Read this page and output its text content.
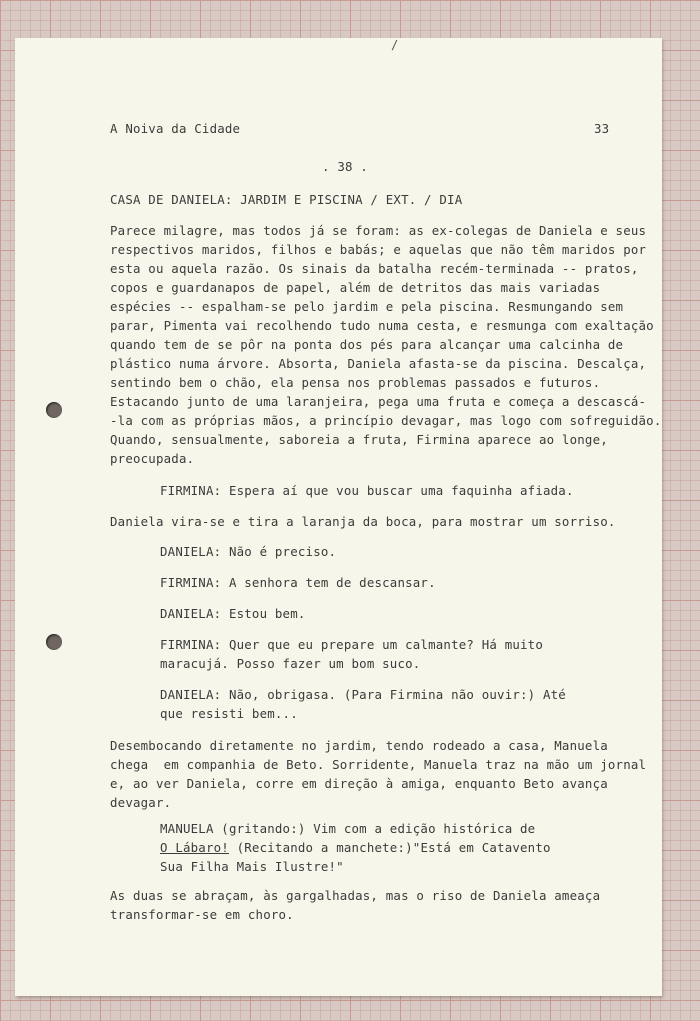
/
A Noiva da Cidade	33
. 38 .
CASA DE DANIELA: JARDIM E PISCINA / EXT. / DIA
Parece milagre, mas todos já se foram: as ex-colegas de Daniela e seus
respectivos maridos, filhos e babás; e aquelas que não têm maridos por
esta ou aquela razão. Os sinais da batalha recém-terminada -- pratos,
copos e guardanapos de papel, além de detritos das mais variadas
espécies -- espalham-se pelo jardim e pela piscina. Resmungando sem
parar, Pimenta vai recolhendo tudo numa cesta, e resmunga com exaltação
quando tem de se pôr na ponta dos pés para alcançar uma calcinha de
plástico numa árvore. Absorta, Daniela afasta-se da piscina. Descalça,
sentindo bem o chão, ela pensa nos problemas passados e futuros.
Estacando junto de uma laranjeira, pega uma fruta e começa a descascá-
-la com as próprias mãos, a princípio devagar, mas logo com sofreguidão.
Quando, sensualmente, saboreia a fruta, Firmina aparece ao longe,
preocupada.
FIRMINA: Espera aí que vou buscar uma faquinha afiada.
Daniela vira-se e tira a laranja da boca, para mostrar um sorriso.
DANIELA: Não é preciso.
FIRMINA: A senhora tem de descansar.
DANIELA: Estou bem.
FIRMINA: Quer que eu prepare um calmante? Há muito
maracujá. Posso fazer um bom suco.
DANIELA: Não, obrigasa. (Para Firmina não ouvir:) Até
que resisti bem...
Desembocando diretamente no jardim, tendo rodeado a casa, Manuela
chega  em companhia de Beto. Sorridente, Manuela traz na mão um jornal
e, ao ver Daniela, corre em direção à amiga, enquanto Beto avança
devagar.
MANUELA (gritando:) Vim com a edição histórica de
O Lábaro! (Recitando a manchete:)"Está em Catavento
Sua Filha Mais Ilustre!"
As duas se abraçam, às gargalhadas, mas o riso de Daniela ameaça
transformar-se em choro.
